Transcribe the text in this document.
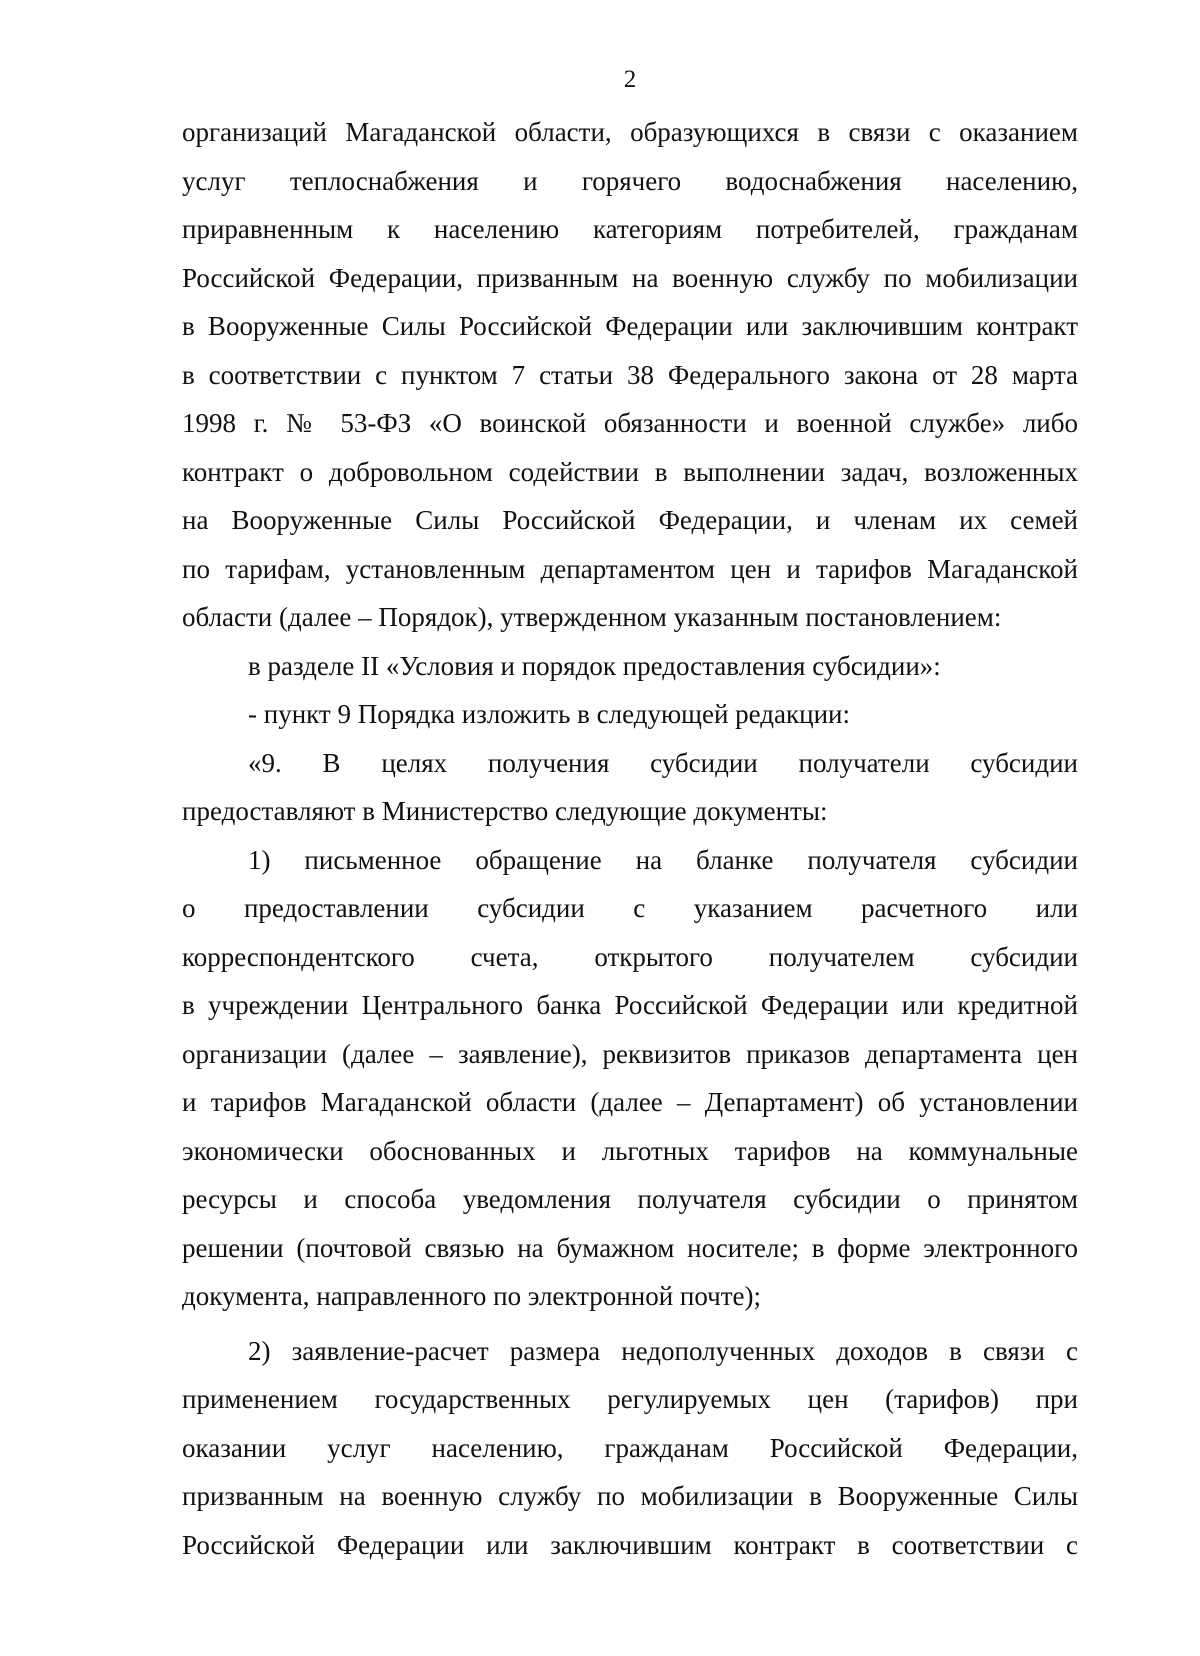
2
организаций Магаданской области, образующихся в связи с оказанием
услуг теплоснабжения и горячего водоснабжения населению,
приравненным к населению категориям потребителей, гражданам
Российской Федерации, призванным на военную службу по мобилизации
в Вооруженные Силы Российской Федерации или заключившим контракт
в соответствии с пунктом 7 статьи 38 Федерального закона от 28 марта
1998 г. № 53-ФЗ «О воинской обязанности и военной службе» либо
контракт о добровольном содействии в выполнении задач, возложенных
на Вооруженные Силы Российской Федерации, и членам их семей
по тарифам, установленным департаментом цен и тарифов Магаданской
области (далее – Порядок), утвержденном указанным постановлением:
в разделе II «Условия и порядок предоставления субсидии»:
- пункт 9 Порядка изложить в следующей редакции:
«9. В целях получения субсидии получатели субсидии
предоставляют в Министерство следующие документы:
1) письменное обращение на бланке получателя субсидии
о предоставлении субсидии с указанием расчетного или
корреспондентского счета, открытого получателем субсидии
в учреждении Центрального банка Российской Федерации или кредитной
организации (далее – заявление), реквизитов приказов департамента цен
и тарифов Магаданской области (далее – Департамент) об установлении
экономически обоснованных и льготных тарифов на коммунальные
ресурсы и способа уведомления получателя субсидии о принятом
решении (почтовой связью на бумажном носителе; в форме электронного
документа, направленного по электронной почте);
2) заявление-расчет размера недополученных доходов в связи с
применением государственных регулируемых цен (тарифов) при
оказании услуг населению, гражданам Российской Федерации,
призванным на военную службу по мобилизации в Вооруженные Силы
Российской Федерации или заключившим контракт в соответствии с
